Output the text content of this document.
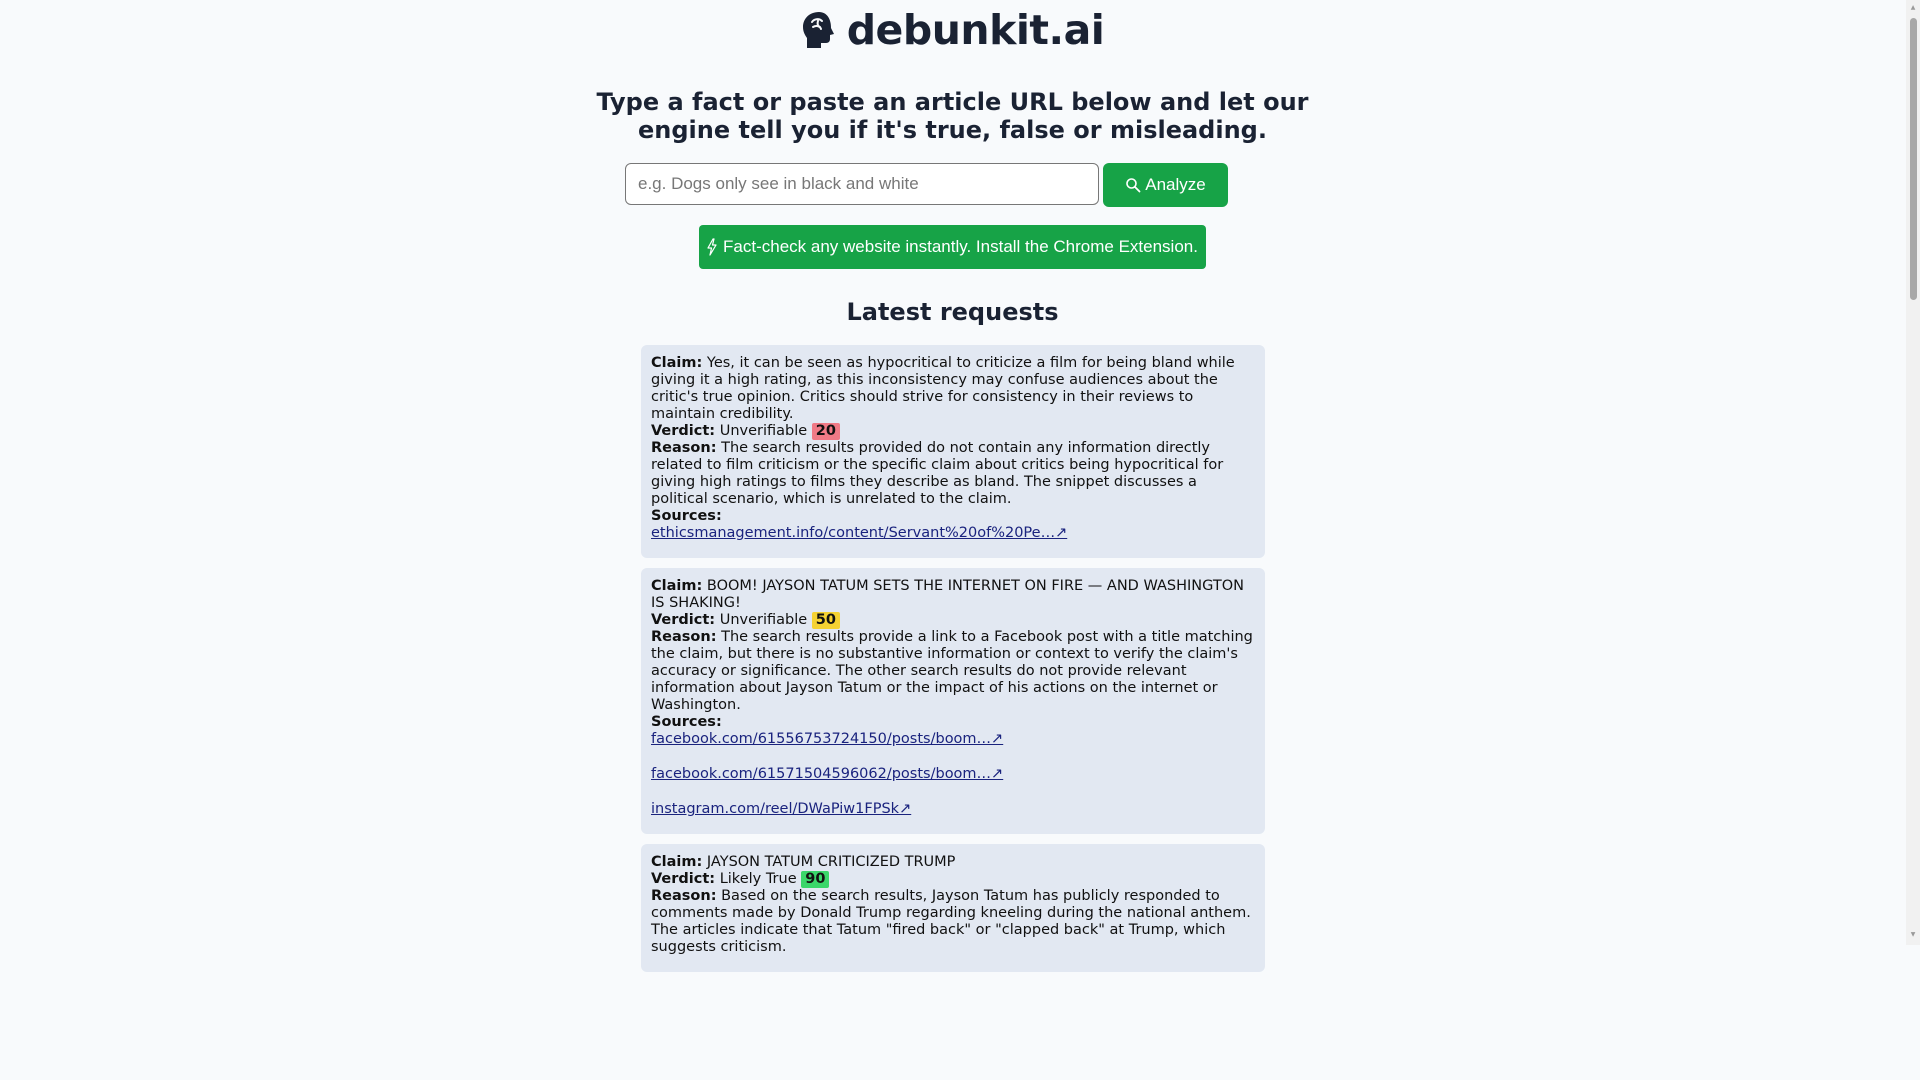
debunkit.ai
Type a fact or paste an article URL below and let our
engine tell you if it's true, false or misleading.
e.g. Dogs only see in black and white
Analyze
Fact-check any website instantly. Install the Chrome Extension.
Latest requests
Claim: Yes, it can be seen as hypocritical to criticize a film for being bland while giving it a high rating, as this inconsistency may confuse audiences about the critic's true opinion. Critics should strive for consistency in their reviews to maintain credibility.
Verdict: Unverifiable 20
Reason: The search results provided do not contain any information directly related to film criticism or the specific claim about critics being hypocritical for giving high ratings to films they describe as bland. The snippet discusses a political scenario, which is unrelated to the claim.
Sources:
ethicsmanagement.info/content/Servant%20of%20Pe…↗
Claim: BOOM! JAYSON TATUM SETS THE INTERNET ON FIRE — AND WASHINGTON IS SHAKING!
Verdict: Unverifiable 50
Reason: The search results provide a link to a Facebook post with a title matching the claim, but there is no substantive information or context to verify the claim's accuracy or significance. The other search results do not provide relevant information about Jayson Tatum or the impact of his actions on the internet or Washington.
Sources:
facebook.com/61556753724150/posts/boom…↗
facebook.com/61571504596062/posts/boom…↗
instagram.com/reel/DWaPiw1FPSk↗
Claim: JAYSON TATUM CRITICIZED TRUMP
Verdict: Likely True 90
Reason: Based on the search results, Jayson Tatum has publicly responded to comments made by Donald Trump regarding kneeling during the national anthem. The articles indicate that Tatum "fired back" or "clapped back" at Trump, which suggests criticism.
▲
▼
